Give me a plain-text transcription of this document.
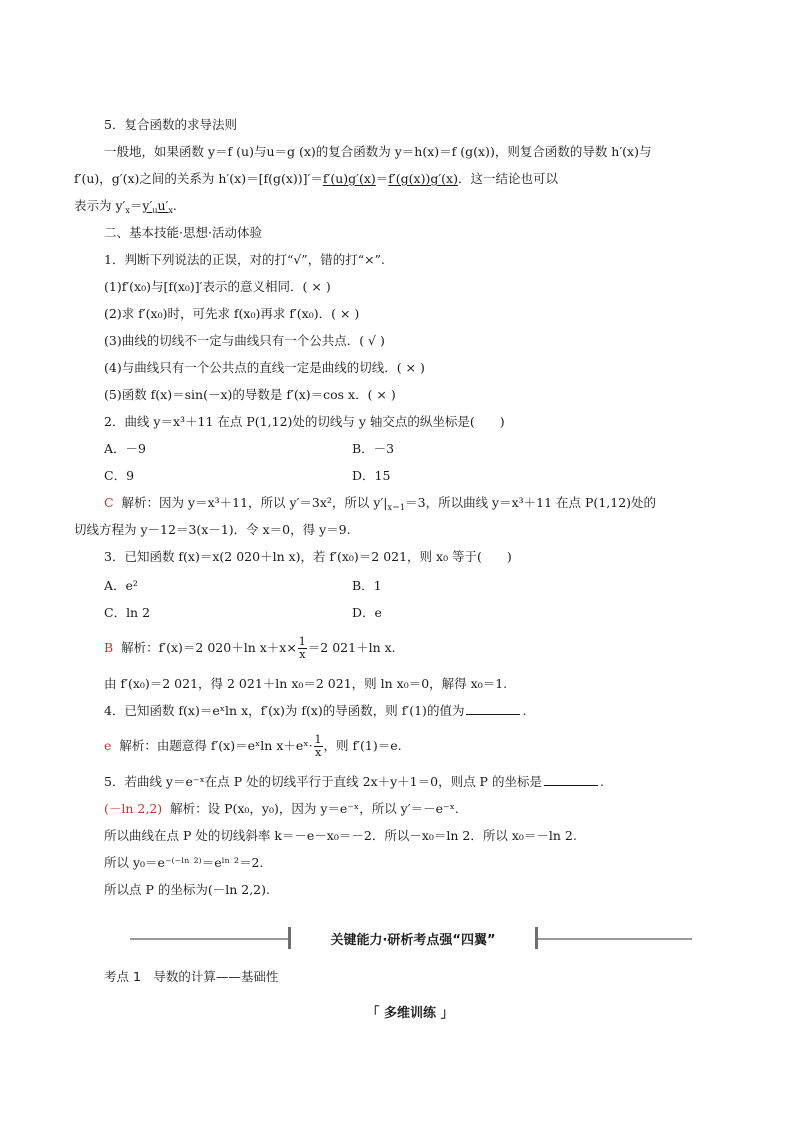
5．复合函数的求导法则
一般地，如果函数 y＝f (u)与u＝g (x)的复合函数为 y＝h(x)＝f (g(x))，则复合函数的导数 h′(x)与
f′(u)，g′(x)之间的关系为 h′(x)＝[f(g(x))]′＝f′(u)g′(x)＝f′(g(x))g′(x)．这一结论也可以
表示为 $y'_x=y'_uu'_x$.
二、基本技能·思想·活动体验
1．判断下列说法的正误，对的打“√”，错的打“×”.
(1)f′(x₀)与[f(x₀)]′表示的意义相同．( × )
(2)求 f′(x₀)时，可先求 f(x₀)再求 f′(x₀)．( × )
(3)曲线的切线不一定与曲线只有一个公共点．( √ )
(4)与曲线只有一个公共点的直线一定是曲线的切线．( × )
(5)函数 f(x)＝sin(－x)的导数是 f′(x)＝cos x．( × )
2．曲线 y＝x³＋11 在点 P(1,12)处的切线与 y 轴交点的纵坐标是(　　)
A．－9	B．－3
C．9	D．15
C 解析：因为 y＝x³＋11，所以 y′＝3x²，所以 $y'|_{x=1}=3$，所以曲线 y＝x³＋11 在点 P(1,12)处的
切线方程为 y－12＝3(x－1)．令 x＝0，得 y＝9.
3．已知函数 f(x)＝x(2 020＋ln x)，若 f′(x₀)＝2 021，则 x₀ 等于(　　)
A．e²	B．1
C．ln 2	D．e
B 解析：f′(x)＝2 020＋ln $x+x\times \frac{1}{x} =2$ 021＋ln x.
由 f′(x₀)＝2 021，得 2 021＋ln x₀＝2 021，则 ln x₀＝0，解得 x₀＝1.
4．已知函数 f(x)＝eˣln x，f′(x)为 f(x)的导函数，则 f′(1)的值为	.
e 解析：由题意得 f′(x)＝eˣln x＋eˣ· $\frac{1}{x}$ ，则 f′(1)＝e.
5．若曲线 y＝e⁻ˣ在点 P 处的切线平行于直线 2x＋y＋1＝0，则点 P 的坐标是	.
(－ln 2,2) 解析：设 P(x₀，y₀)，因为 y＝e⁻ˣ，所以 y′＝－e⁻ˣ.
所以曲线在点 P 处的切线斜率 k＝－e－x₀＝－2．所以－x₀＝ln 2．所以 x₀＝－ln 2.
所以 y₀＝e⁻⁽⁻ˡⁿ ²⁾＝eˡⁿ ²＝2.
所以点 P 的坐标为(－ln 2,2).
关键能力·研析考点强“四翼”
考点 1　导数的计算——基础性
「 多维训练 」
